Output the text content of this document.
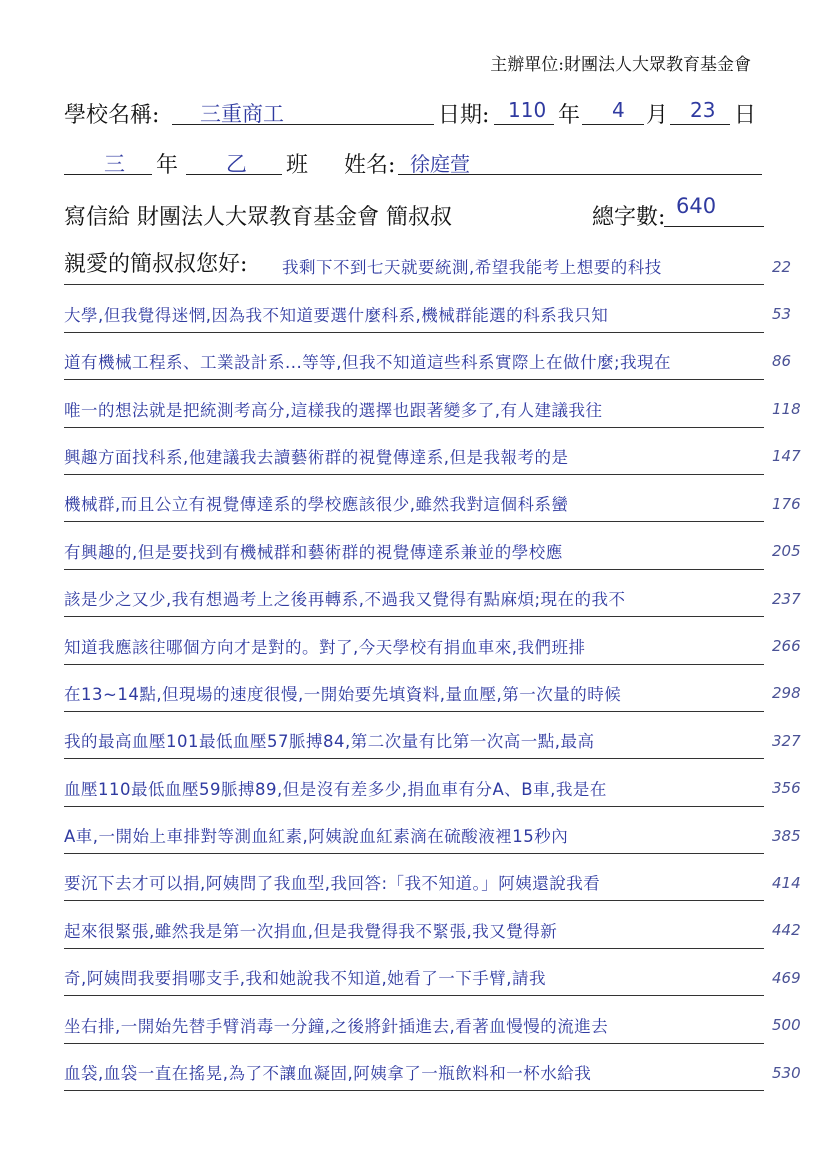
主辦單位:財團法人大眾教育基金會
學校名稱: 三重商工	日期: 110 年 4 月 23 日
三 年 乙 班 姓名: 徐庭萱
寫信給 財團法人大眾教育基金會 簡叔叔	總字數: 640
親愛的簡叔叔您好: 我剩下不到七天就要統測,希望我能考上想要的科技
大學,但我覺得迷惘,因為我不知道要選什麼科系,機械群能選的科系我只知
道有機械工程系、工業設計系...等等,但我不知道這些科系實際上在做什麼;我現在
唯一的想法就是把統測考高分,這樣我的選擇也跟著變多了,有人建議我往
興趣方面找科系,他建議我去讀藝術群的視覺傳達系,但是我報考的是
機械群,而且公立有視覺傳達系的學校應該很少,雖然我對這個科系蠻
有興趣的,但是要找到有機械群和藝術群的視覺傳達系兼並的學校應
該是少之又少,我有想過考上之後再轉系,不過我又覺得有點麻煩;現在的我不
知道我應該往哪個方向才是對的。對了,今天學校有捐血車來,我們班排
在13~14點,但現場的速度很慢,一開始要先填資料,量血壓,第一次量的時候
我的最高血壓101最低血壓57脈搏84,第二次量有比第一次高一點,最高
血壓110最低血壓59脈搏89,但是沒有差多少,捐血車有分A、B車,我是在
A車,一開始上車排對等測血紅素,阿姨說血紅素滴在硫酸液裡15秒內
要沉下去才可以捐,阿姨問了我血型,我回答:「我不知道。」阿姨還說我看
起來很緊張,雖然我是第一次捐血,但是我覺得我不緊張,我又覺得新
奇,阿姨問我要捐哪支手,我和她說我不知道,她看了一下手臂,請我
坐右排,一開始先替手臂消毒一分鐘,之後將針插進去,看著血慢慢的流進去
血袋,血袋一直在搖晃,為了不讓血凝固,阿姨拿了一瓶飲料和一杯水給我
22
53
86
118
147
176
205
237
266
298
327
356
385
414
442
469
500
530
